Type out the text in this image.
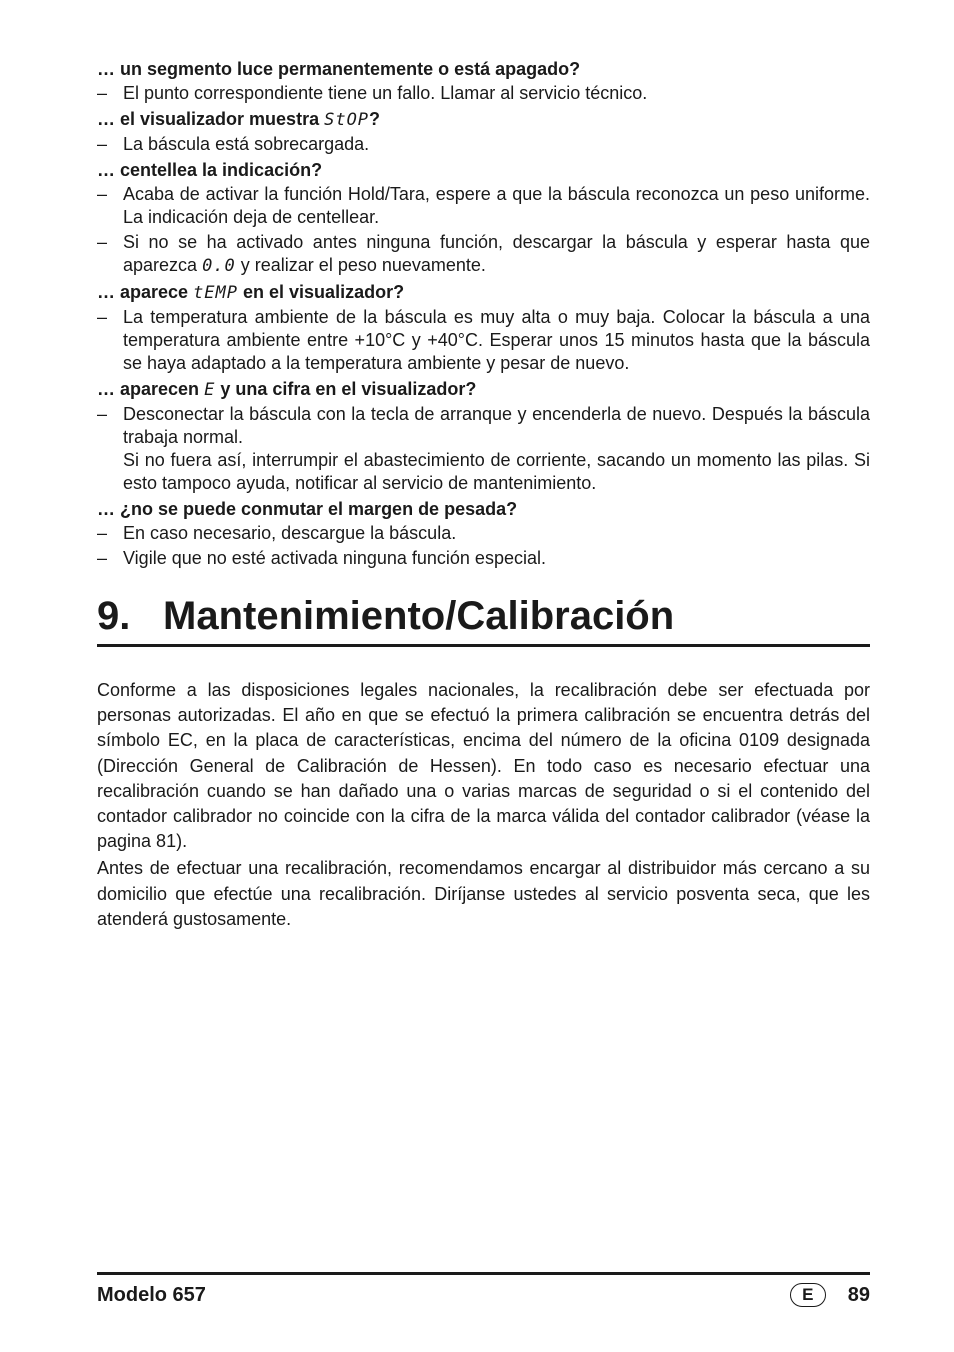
… un segmento luce permanentemente o está apagado?

– El punto correspondiente tiene un fallo. Llamar al servicio técnico.

… el visualizador muestra StOP?

– La báscula está sobrecargada.

… centellea la indicación?

– Acaba de activar la función Hold/Tara, espere a que la báscula reconozca un peso uniforme. La indicación deja de centellear.

– Si no se ha activado antes ninguna función, descargar la báscula y esperar hasta que aparezca 0.0 y realizar el peso nuevamente.

… aparece tEMP en el visualizador?

– La temperatura ambiente de la báscula es muy alta o muy baja. Colocar la báscula a una temperatura ambiente entre +10°C y +40°C. Esperar unos 15 minutos hasta que la báscula se haya adaptado a la temperatura ambiente y pesar de nuevo.

… aparecen E y una cifra en el visualizador?

– Desconectar la báscula con la tecla de arranque y encenderla de nuevo. Después la báscula trabaja normal.

Si no fuera así, interrumpir el abastecimiento de corriente, sacando un momento las pilas. Si esto tampoco ayuda, notificar al servicio de mantenimiento.

… ¿no se puede conmutar el margen de pesada?

– En caso necesario, descargue la báscula.

– Vigile que no esté activada ninguna función especial.

9. Mantenimiento/Calibración

Conforme a las disposiciones legales nacionales, la recalibración debe ser efectuada por personas autorizadas. El año en que se efectuó la primera calibración se encuentra detrás del símbolo EC, en la placa de características, encima del número de la oficina 0109 designada (Dirección General de Calibración de Hessen). En todo caso es necesario efectuar una recalibración cuando se han dañado una o varias marcas de seguridad o si el contenido del contador calibrador no coincide con la cifra de la marca válida del contador calibrador (véase la pagina 81).

Antes de efectuar una recalibración, recomendamos encargar al distribuidor más cercano a su domicilio que efectúe una recalibración. Diríjanse ustedes al servicio posventa seca, que les atenderá gustosamente.

Modelo 657	E	89
